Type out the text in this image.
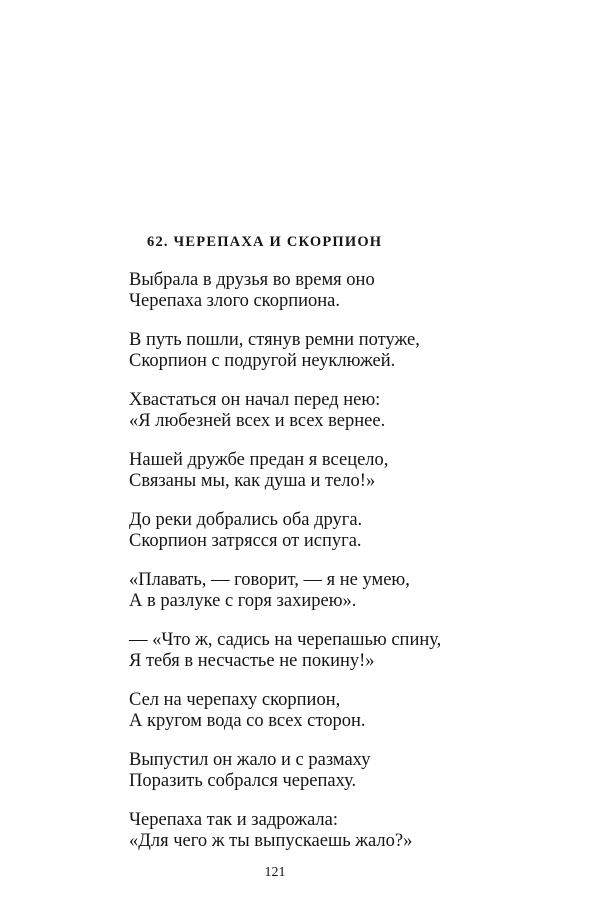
62. ЧЕРЕПАХА И СКОРПИОН
Выбрала в друзья во время оно
Черепаха злого скорпиона.
В путь пошли, стянув ремни потуже,
Скорпион с подругой неуклюжей.
Хвастаться он начал перед нею:
«Я любезней всех и всех вернее.
Нашей дружбе предан я всецело,
Связаны мы, как душа и тело!»
До реки добрались оба друга.
Скорпион затрясся от испуга.
«Плавать, — говорит, — я не умею,
А в разлуке с горя захирею».
— «Что ж, садись на черепашью спину,
Я тебя в несчастье не покину!»
Сел на черепаху скорпион,
А кругом вода со всех сторон.
Выпустил он жало и с размаху
Поразить собрался черепаху.
Черепаха так и задрожала:
«Для чего ж ты выпускаешь жало?»
121
